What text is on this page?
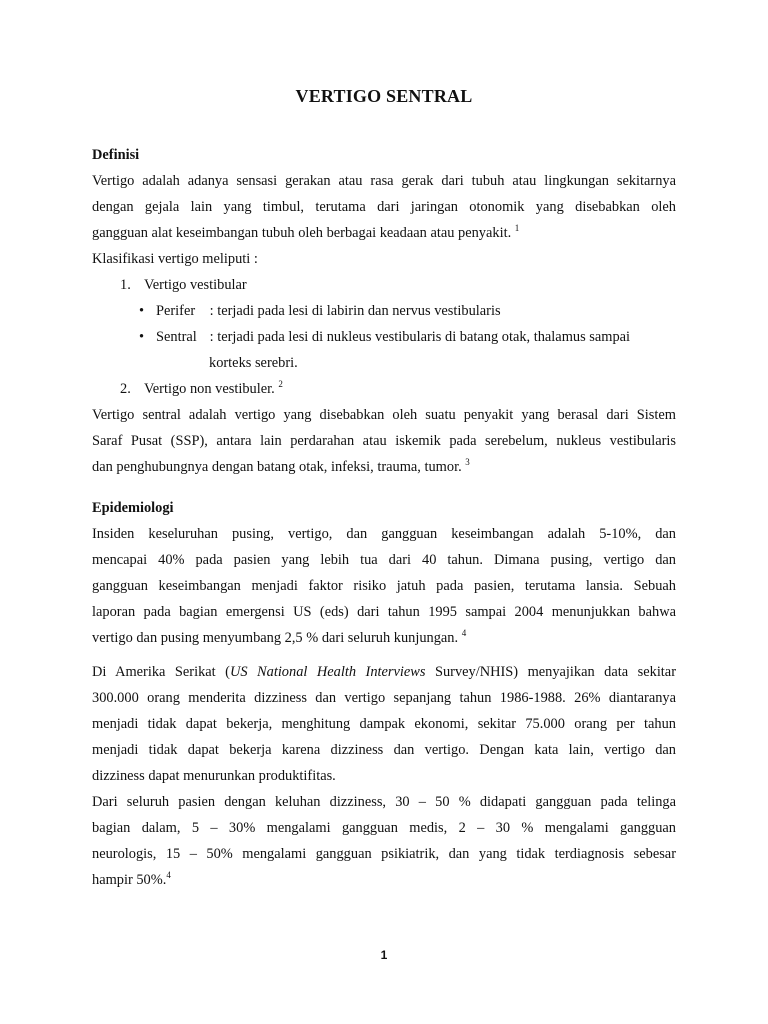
VERTIGO SENTRAL
Definisi
Vertigo adalah adanya sensasi gerakan atau rasa gerak dari tubuh atau lingkungan sekitarnya
dengan gejala lain yang timbul, terutama dari jaringan otonomik yang disebabkan oleh
gangguan alat keseimbangan tubuh oleh berbagai keadaan atau penyakit. $^1$
Klasifikasi vertigo meliputi :
1. Vertigo vestibular
• Perifer : terjadi pada lesi di labirin dan nervus vestibularis
• Sentral : terjadi pada lesi di nukleus vestibularis di batang otak, thalamus sampai
korteks serebri.
2. Vertigo non vestibuler. $^2$
Vertigo sentral adalah vertigo yang disebabkan oleh suatu penyakit yang berasal dari Sistem
Saraf Pusat (SSP), antara lain perdarahan atau iskemik pada serebelum, nukleus vestibularis
dan penghubungnya dengan batang otak, infeksi, trauma, tumor. $^3$
Epidemiologi
Insiden keseluruhan pusing, vertigo, dan gangguan keseimbangan adalah 5-10%, dan
mencapai 40% pada pasien yang lebih tua dari 40 tahun. Dimana pusing, vertigo dan
gangguan keseimbangan menjadi faktor risiko jatuh pada pasien, terutama lansia. Sebuah
laporan pada bagian emergensi US (eds) dari tahun 1995 sampai 2004 menunjukkan bahwa
vertigo dan pusing menyumbang 2,5 % dari seluruh kunjungan. $^4$
Di Amerika Serikat (US National Health Interviews Survey/NHIS) menyajikan data sekitar
300.000 orang menderita dizziness dan vertigo sepanjang tahun 1986-1988. 26% diantaranya
menjadi tidak dapat bekerja, menghitung dampak ekonomi, sekitar 75.000 orang per tahun
menjadi tidak dapat bekerja karena dizziness dan vertigo. Dengan kata lain, vertigo dan
dizziness dapat menurunkan produktifitas.
Dari seluruh pasien dengan keluhan dizziness, 30 – 50 % didapati gangguan pada telinga
bagian dalam, 5 – 30% mengalami gangguan medis, 2 – 30 % mengalami gangguan
neurologis, 15 – 50% mengalami gangguan psikiatrik, dan yang tidak terdiagnosis sebesar
hampir 50%.$^4$
1
